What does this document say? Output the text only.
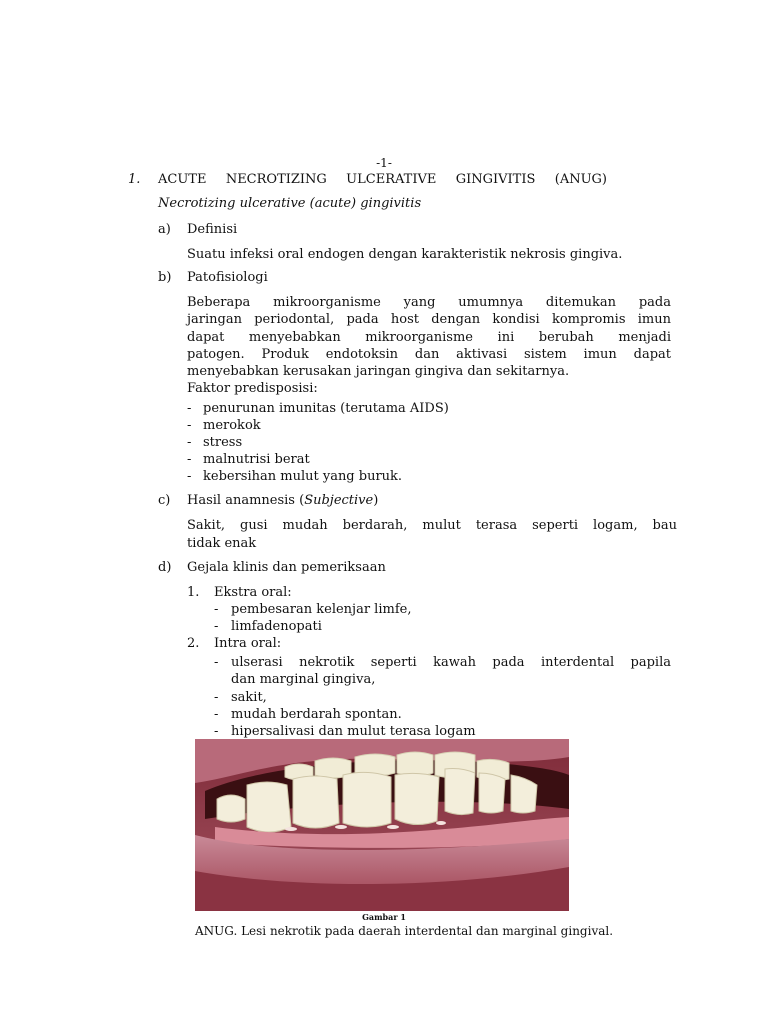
-1-
1. ACUTE NECROTIZING ULCERATIVE GINGIVITIS (ANUG)
Necrotizing ulcerative (acute) gingivitis
a) Definisi
Suatu infeksi oral endogen dengan karakteristik nekrosis gingiva.
b) Patofisiologi
Beberapa mikroorganisme yang umumnya ditemukan pada
jaringan periodontal, pada host dengan kondisi kompromis imun
dapat menyebabkan mikroorganisme ini berubah menjadi
patogen. Produk endotoksin dan aktivasi sistem imun dapat
menyebabkan kerusakan jaringan gingiva dan sekitarnya.
Faktor predisposisi:
- penurunan imunitas (terutama AIDS)
- merokok
- stress
- malnutrisi berat
- kebersihan mulut yang buruk.
c) Hasil anamnesis (Subjective)
Sakit, gusi mudah berdarah, mulut terasa seperti logam, bau
tidak enak
d) Gejala klinis dan pemeriksaan
1. Ekstra oral:
- pembesaran kelenjar limfe,
- limfadenopati
2. Intra oral:
- ulserasi nekrotik seperti kawah pada interdental papila
dan marginal gingiva,
- sakit,
- mudah berdarah spontan.
- hipersalivasi dan mulut terasa logam
Gambar 1
ANUG. Lesi nekrotik pada daerah interdental dan marginal gingival.
